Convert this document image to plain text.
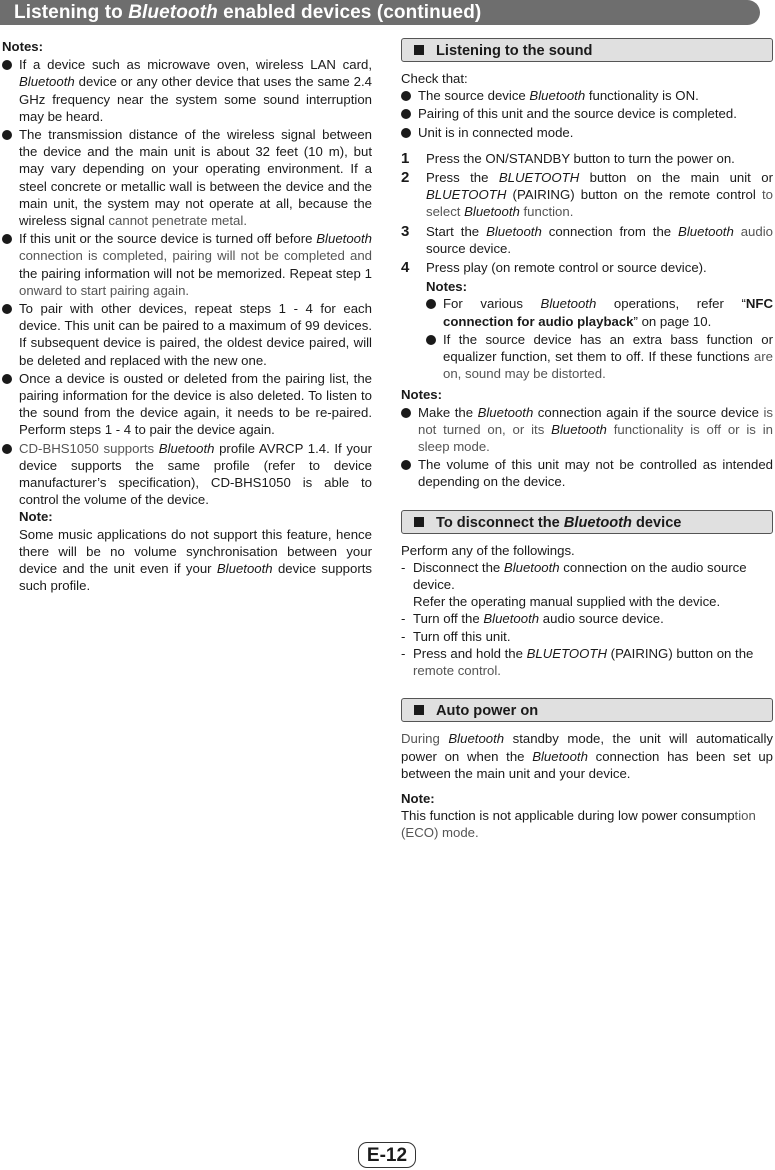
Listening to Bluetooth enabled devices (continued)
Notes:
If a device such as microwave oven, wireless LAN card, Bluetooth device or any other device that uses the same 2.4 GHz frequency near the system some sound interruption may be heard.
The transmission distance of the wireless signal between the device and the main unit is about 32 feet (10 m), but may vary depending on your operating environment. If a steel concrete or metallic wall is between the device and the main unit, the system may not operate at all, because the wireless signal cannot penetrate metal.
If this unit or the source device is turned off before Bluetooth connection is completed, pairing will not be completed and the pairing information will not be memorized. Repeat step 1 onward to start pairing again.
To pair with other devices, repeat steps 1 - 4 for each device. This unit can be paired to a maximum of 99 devices. If subsequent device is paired, the oldest device paired, will be deleted and replaced with the new one.
Once a device is ousted or deleted from the pairing list, the pairing information for the device is also deleted. To listen to the sound from the device again, it needs to be re-paired. Perform steps 1 - 4 to pair the device again.
CD-BHS1050 supports Bluetooth profile AVRCP 1.4. If your device supports the same profile (refer to device manufacturer’s specification), CD-BHS1050 is able to control the volume of the device.
Note:
Some music applications do not support this feature, hence there will be no volume synchronisation between your device and the unit even if your Bluetooth device supports such profile.
Listening to the sound

Check that:

The source device Bluetooth functionality is ON.
Pairing of this unit and the source device is completed.
Unit is in connected mode.
1 Press the ON/STANDBY button to turn the power on.
2 Press the BLUETOOTH button on the main unit or BLUETOOTH (PAIRING) button on the remote control to select Bluetooth function.
3 Start the Bluetooth connection from the Bluetooth audio source device.
4 Press play (on remote control or source device).
Notes:
For various Bluetooth operations, refer “NFC connection for audio playback” on page 10.
If the source device has an extra bass function or equalizer function, set them to off. If these functions are on, sound may be distorted.
Notes:
Make the Bluetooth connection again if the source device is not turned on, or its Bluetooth functionality is off or is in sleep mode.
The volume of this unit may not be controlled as intended depending on the device.
To disconnect the Bluetooth device

Perform any of the followings.

- Disconnect the Bluetooth connection on the audio source device.
Refer the operating manual supplied with the device.
- Turn off the Bluetooth audio source device.
- Turn off this unit.
- Press and hold the BLUETOOTH (PAIRING) button on the remote control.
Auto power on

During Bluetooth standby mode, the unit will automatically power on when the Bluetooth connection has been set up between the main unit and your device.

Note:

This function is not applicable during low power consumption (ECO) mode.

E-12
